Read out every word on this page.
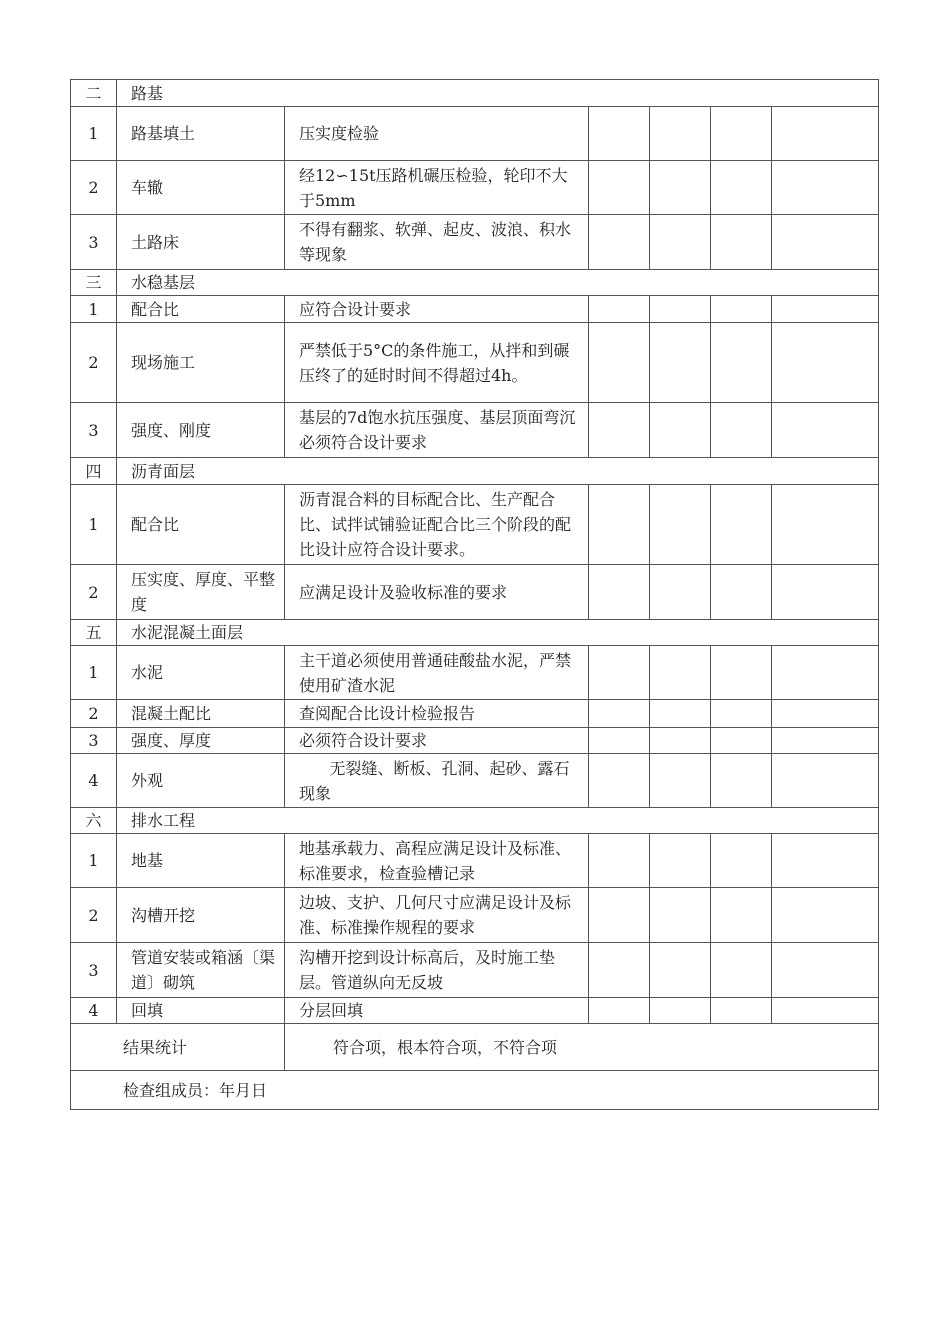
二	路基					
1	路基填土	压实度检验				
2	车辙	经12∽15t压路机碾压检验，轮印不大于5mm				
3	土路床	不得有翻浆、软弹、起皮、波浪、积水等现象				
三	水稳基层					
1	配合比	应符合设计要求				
2	现场施工	严禁低于5°C的条件施工，从拌和到碾压终了的延时时间不得超过4h。				
3	强度、刚度	基层的7d饱水抗压强度、基层顶面弯沉必须符合设计要求				
四	沥青面层					
1	配合比	沥青混合料的目标配合比、生产配合比、试拌试铺验证配合比三个阶段的配比设计应符合设计要求。				
2	压实度、厚度、平整度	应满足设计及验收标准的要求				
五	水泥混凝土面层					
1	水泥	主干道必须使用普通硅酸盐水泥，严禁使用矿渣水泥				
2	混凝土配比	查阅配合比设计检验报告				
3	强度、厚度	必须符合设计要求				
4	外观	无裂缝、断板、孔洞、起砂、露石现象				
六	排水工程					
1	地基	地基承载力、高程应满足设计及标准、标准要求，检查验槽记录				
2	沟槽开挖	边坡、支护、几何尺寸应满足设计及标准、标准操作规程的要求				
3	管道安装或箱涵〔渠道〕砌筑	沟槽开挖到设计标高后，及时施工垫层。管道纵向无反坡				
4	回填	分层回填				
结果统计		符合项，根本符合项，不符合项				
检查组成员：年月日						
